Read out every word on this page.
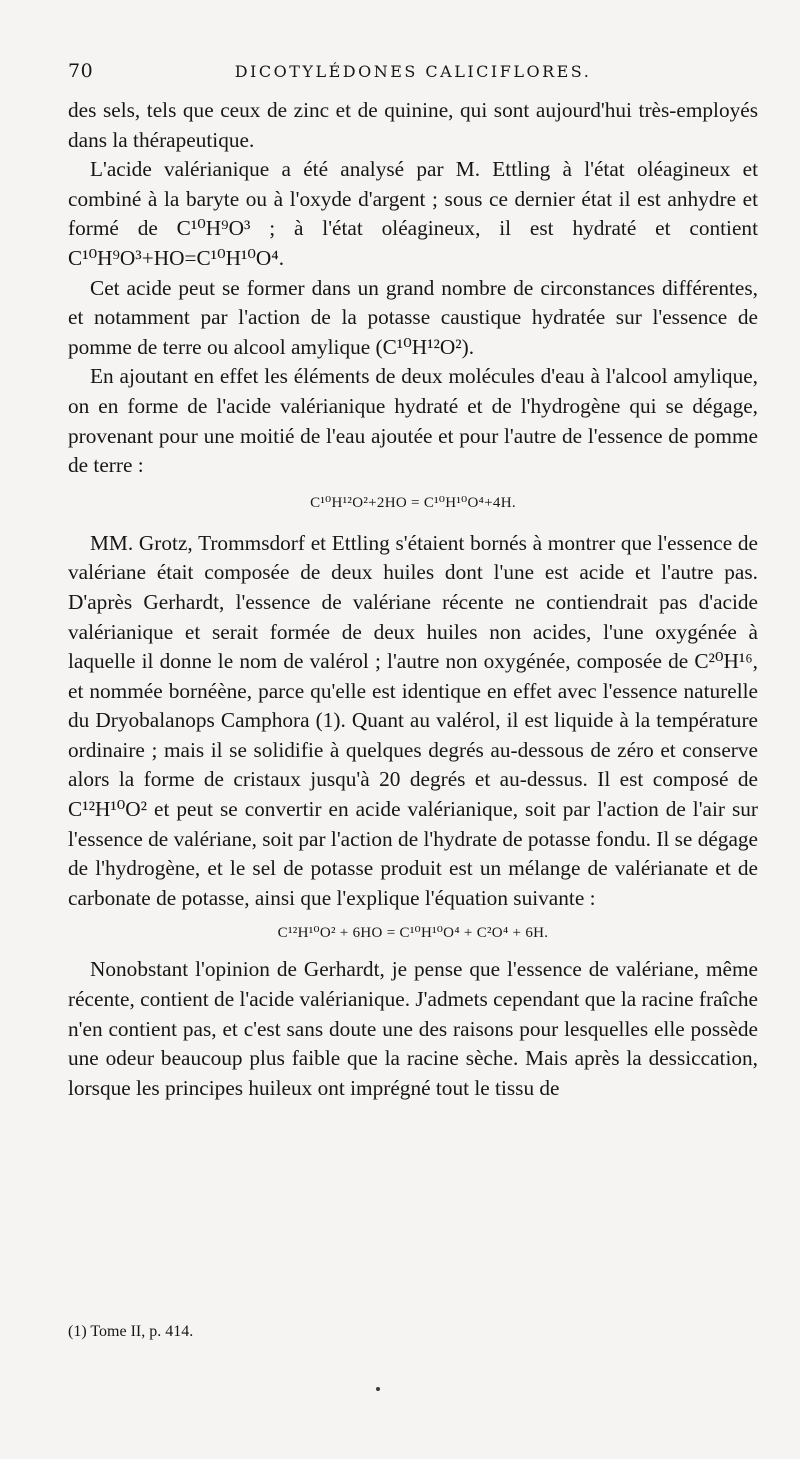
70	DICOTYLÉDONES CALICIFLORES.

des sels, tels que ceux de zinc et de quinine, qui sont aujourd'hui très-employés dans la thérapeutique.

L'acide valérianique a été analysé par M. Ettling à l'état oléagineux et combiné à la baryte ou à l'oxyde d'argent ; sous ce dernier état il est anhydre et formé de C¹⁰H⁹O³ ; à l'état oléagineux, il est hydraté et contient C¹⁰H⁹O³+HO=C¹⁰H¹⁰O⁴.

Cet acide peut se former dans un grand nombre de circonstances différentes, et notamment par l'action de la potasse caustique hydratée sur l'essence de pomme de terre ou alcool amylique (C¹⁰H¹²O²).

En ajoutant en effet les éléments de deux molécules d'eau à l'alcool amylique, on en forme de l'acide valérianique hydraté et de l'hydrogène qui se dégage, provenant pour une moitié de l'eau ajoutée et pour l'autre de l'essence de pomme de terre :

C¹⁰H¹²O²+2HO = C¹⁰H¹⁰O⁴+4H.

MM. Grotz, Trommsdorf et Ettling s'étaient bornés à montrer que l'essence de valériane était composée de deux huiles dont l'une est acide et l'autre pas. D'après Gerhardt, l'essence de valériane récente ne contiendrait pas d'acide valérianique et serait formée de deux huiles non acides, l'une oxygénée à laquelle il donne le nom de valérol ; l'autre non oxygénée, composée de C²⁰H¹⁶, et nommée bornéène, parce qu'elle est identique en effet avec l'essence naturelle du Dryobalanops Camphora (1). Quant au valérol, il est liquide à la température ordinaire ; mais il se solidifie à quelques degrés au-dessous de zéro et conserve alors la forme de cristaux jusqu'à 20 degrés et au-dessus. Il est composé de C¹²H¹⁰O² et peut se convertir en acide valérianique, soit par l'action de l'air sur l'essence de valériane, soit par l'action de l'hydrate de potasse fondu. Il se dégage de l'hydrogène, et le sel de potasse produit est un mélange de valérianate et de carbonate de potasse, ainsi que l'explique l'équation suivante :

C¹²H¹⁰O² + 6HO = C¹⁰H¹⁰O⁴ + C²O⁴ + 6H.

Nonobstant l'opinion de Gerhardt, je pense que l'essence de valériane, même récente, contient de l'acide valérianique. J'admets cependant que la racine fraîche n'en contient pas, et c'est sans doute une des raisons pour lesquelles elle possède une odeur beaucoup plus faible que la racine sèche. Mais après la dessiccation, lorsque les principes huileux ont imprégné tout le tissu de

(1) Tome II, p. 414.
